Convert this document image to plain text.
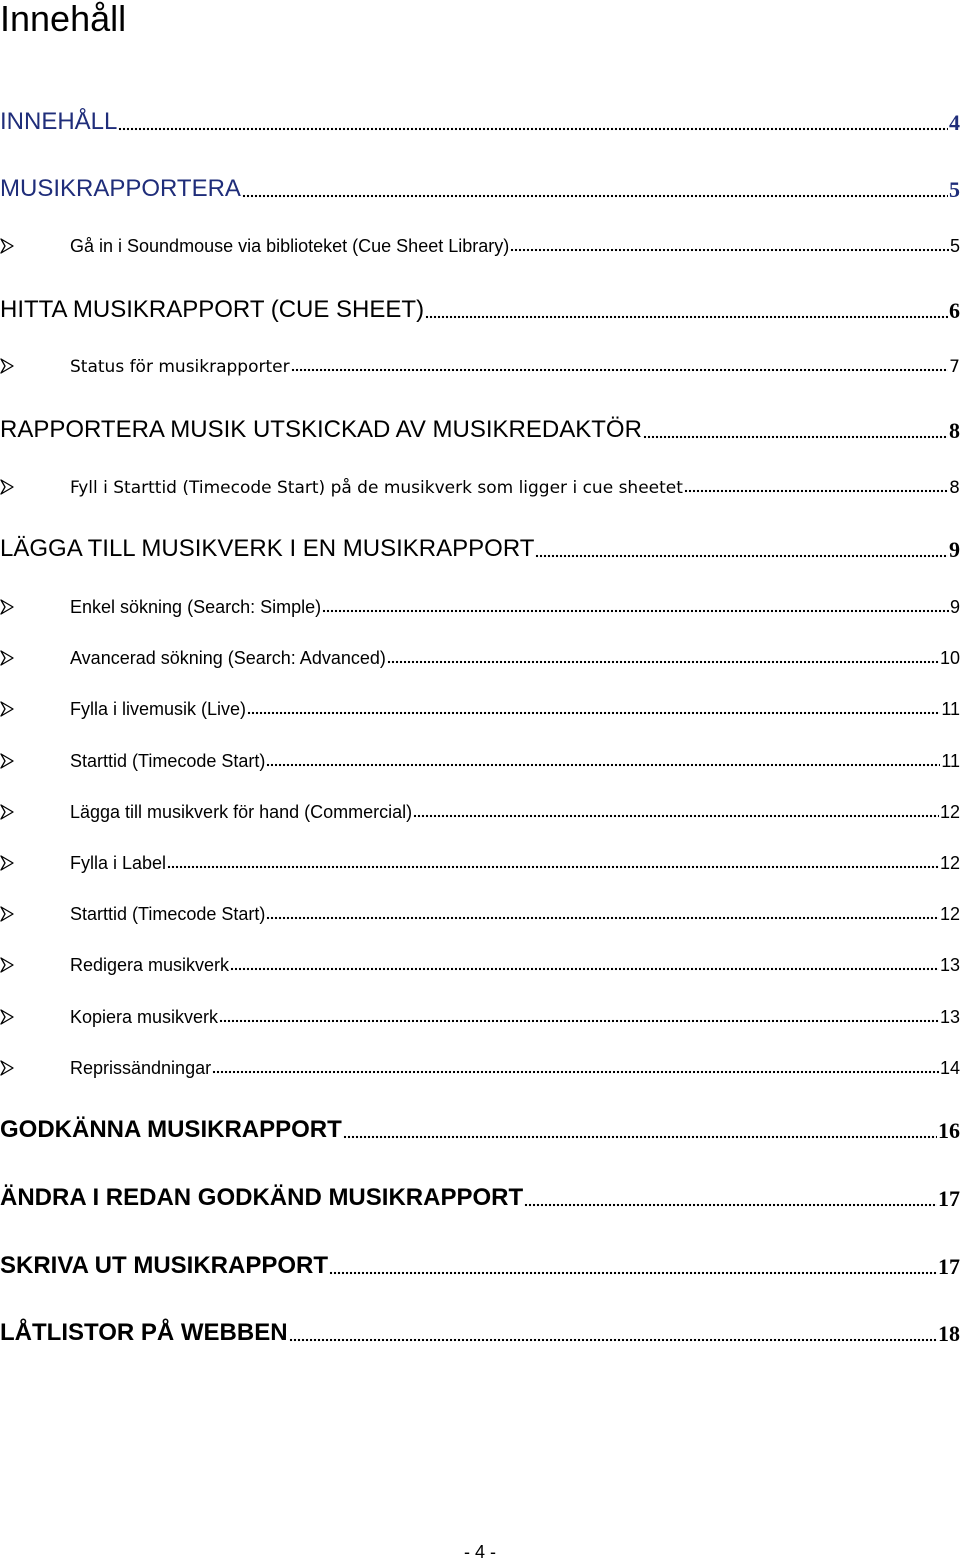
Innehåll
INNEHÅLL	4
MUSIKRAPPORTERA	5
Gå in i Soundmouse via biblioteket (Cue Sheet Library)	5
HITTA MUSIKRAPPORT (CUE SHEET)	6
Status för musikrapporter	7
RAPPORTERA MUSIK UTSKICKAD AV MUSIKREDAKTÖR	8
Fyll i Starttid (Timecode Start) på de musikverk som ligger i cue sheetet	8
LÄGGA TILL MUSIKVERK I EN MUSIKRAPPORT	9
Enkel sökning (Search: Simple)	9
Avancerad sökning (Search: Advanced)	10
Fylla i livemusik (Live)	11
Starttid (Timecode Start)	11
Lägga till musikverk för hand (Commercial)	12
Fylla i Label	12
Starttid (Timecode Start)	12
Redigera musikverk	13
Kopiera musikverk	13
Reprissändningar	14
GODKÄNNA MUSIKRAPPORT	16
ÄNDRA I REDAN GODKÄND MUSIKRAPPORT	17
SKRIVA UT MUSIKRAPPORT	17
LÅTLISTOR PÅ WEBBEN	18
- 4 -
